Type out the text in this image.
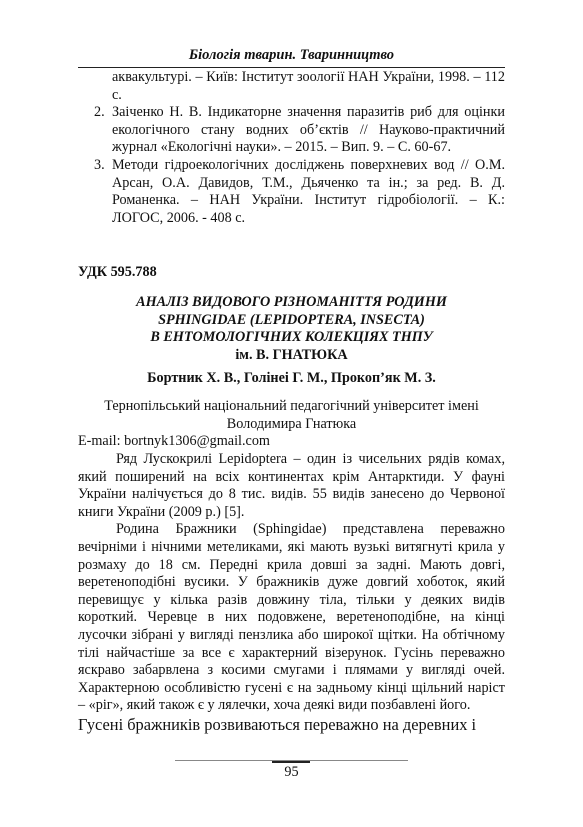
Біологія тварин. Тваринництво
аквакультурі. – Київ: Інститут зоології НАН України, 1998. – 112 с.
2. Заіченко Н. В. Індикаторне значення паразитів риб для оцінки екологічного стану водних об’єктів // Науково-практичний журнал «Екологічні науки». – 2015. – Вип. 9. – С. 60-67.
3. Методи гідроекологічних досліджень поверхневих вод // О.М. Арсан, О.А. Давидов, Т.М., Дьяченко та ін.; за ред. В. Д. Романенка. – НАН України. Інститут гідробіології. – К.: ЛОГОС, 2006. - 408 с.
УДК 595.788
АНАЛІЗ ВИДОВОГО РІЗНОМАНІТТЯ РОДИНИ
SPHINGIDAE (LEPIDOPTERA, INSECTA)
В ЕНТОМОЛОГІЧНИХ КОЛЕКЦІЯХ ТНПУ
ім. В. ГНАТЮКА
Бортник Х. В., Голінеі Г. М., Прокоп’як М. З.
Тернопільський національний педагогічний університет імені Володимира Гнатюка
E-mail: bortnyk1306@gmail.com

Ряд Лускокрилі Lepidoptera – один із чисельних рядів комах, який поширений на всіх континентах крім Антарктиди. У фауні України налічується до 8 тис. видів. 55 видів занесено до Червоної книги України (2009 р.) [5].

Родина Бражники (Sphingidae) представлена переважно вечірніми і нічними метеликами, які мають вузькі витягнуті крила у розмаху до 18 см. Передні крила довші за задні. Мають довгі, веретеноподібні вусики. У бражників дуже довгий хоботок, який перевищує у кілька разів довжину тіла, тільки у деяких видів короткий. Черевце в них подовжене, веретеноподібне, на кінці лусочки зібрані у вигляді пензлика або широкої щітки. На обтічному тілі найчастіше за все є характерний візерунок. Гусінь переважно яскраво забарвлена з косими смугами і плямами у вигляді очей. Характерною особливістю гусені є на задньому кінці щільний наріст – «ріг», який також є у лялечки, хоча деякі види позбавлені його.

Гусені бражників розвиваються переважно на деревних і

95
